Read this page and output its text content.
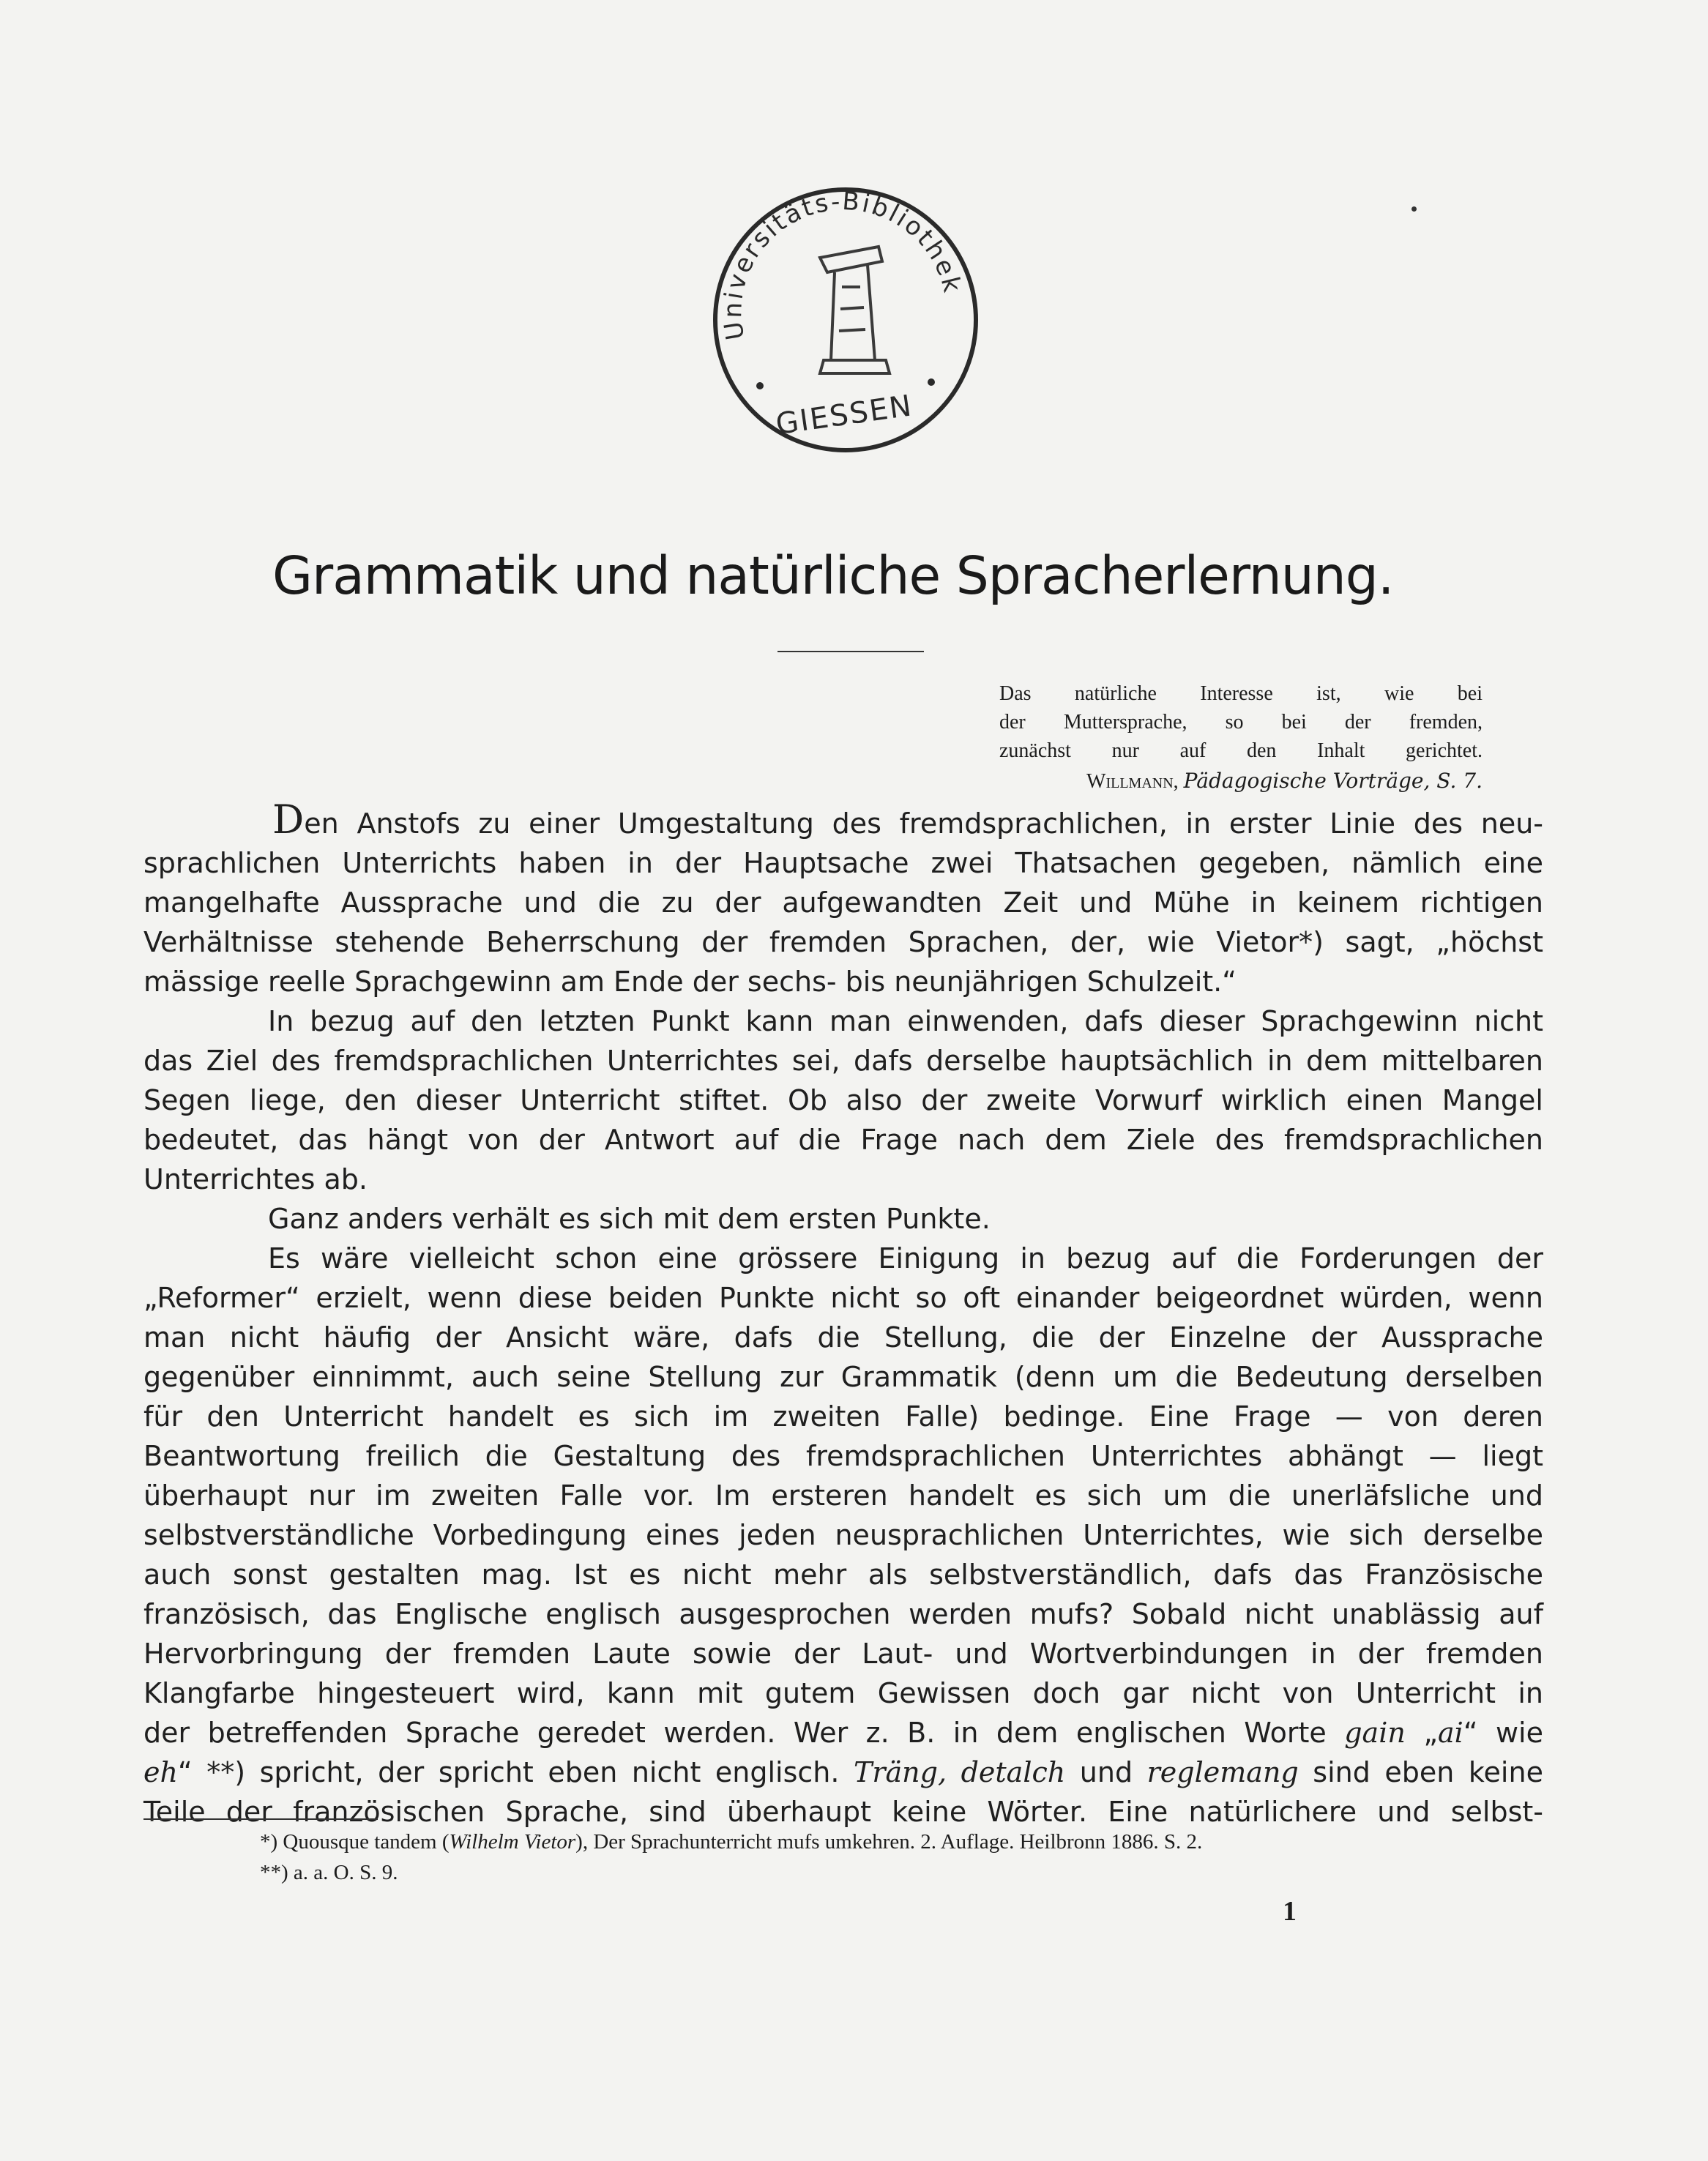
Universitäts-Bibliothek
GIESSEN
Grammatik und natürliche Spracherlernung.
Das natürliche Interesse ist, wie bei
der Muttersprache, so bei der fremden,
zunächst nur auf den Inhalt gerichtet.
Willmann, Pädagogische Vorträge, S. 7.
Den Anstofs zu einer Umgestaltung des fremdsprachlichen, in erster Linie des neu-
sprachlichen Unterrichts haben in der Hauptsache zwei Thatsachen gegeben, nämlich eine
mangelhafte Aussprache und die zu der aufgewandten Zeit und Mühe in keinem richtigen
Verhältnisse stehende Beherrschung der fremden Sprachen, der, wie Vietor*) sagt, „höchst
mässige reelle Sprachgewinn am Ende der sechs- bis neunjährigen Schulzeit.“
In bezug auf den letzten Punkt kann man einwenden, dafs dieser Sprachgewinn nicht
das Ziel des fremdsprachlichen Unterrichtes sei, dafs derselbe hauptsächlich in dem mittelbaren
Segen liege, den dieser Unterricht stiftet. Ob also der zweite Vorwurf wirklich einen Mangel
bedeutet, das hängt von der Antwort auf die Frage nach dem Ziele des fremdsprachlichen
Unterrichtes ab.
Ganz anders verhält es sich mit dem ersten Punkte.
Es wäre vielleicht schon eine grössere Einigung in bezug auf die Forderungen der
„Reformer“ erzielt, wenn diese beiden Punkte nicht so oft einander beigeordnet würden, wenn
man nicht häufig der Ansicht wäre, dafs die Stellung, die der Einzelne der Aussprache
gegenüber einnimmt, auch seine Stellung zur Grammatik (denn um die Bedeutung derselben
für den Unterricht handelt es sich im zweiten Falle) bedinge. Eine Frage — von deren
Beantwortung freilich die Gestaltung des fremdsprachlichen Unterrichtes abhängt — liegt
überhaupt nur im zweiten Falle vor. Im ersteren handelt es sich um die unerläfsliche und
selbstverständliche Vorbedingung eines jeden neusprachlichen Unterrichtes, wie sich derselbe
auch sonst gestalten mag. Ist es nicht mehr als selbstverständlich, dafs das Französische
französisch, das Englische englisch ausgesprochen werden mufs? Sobald nicht unablässig auf
Hervorbringung der fremden Laute sowie der Laut- und Wortverbindungen in der fremden
Klangfarbe hingesteuert wird, kann mit gutem Gewissen doch gar nicht von Unterricht in
der betreffenden Sprache geredet werden. Wer z. B. in dem englischen Worte gain „ai“ wie
eh“ **) spricht, der spricht eben nicht englisch. Träng, detalch und reglemang sind eben keine
Teile der französischen Sprache, sind überhaupt keine Wörter. Eine natürlichere und selbst-
*) Quousque tandem (Wilhelm Vietor), Der Sprachunterricht mufs umkehren. 2. Auflage. Heilbronn 1886. S. 2.
**) a. a. O. S. 9.
1
